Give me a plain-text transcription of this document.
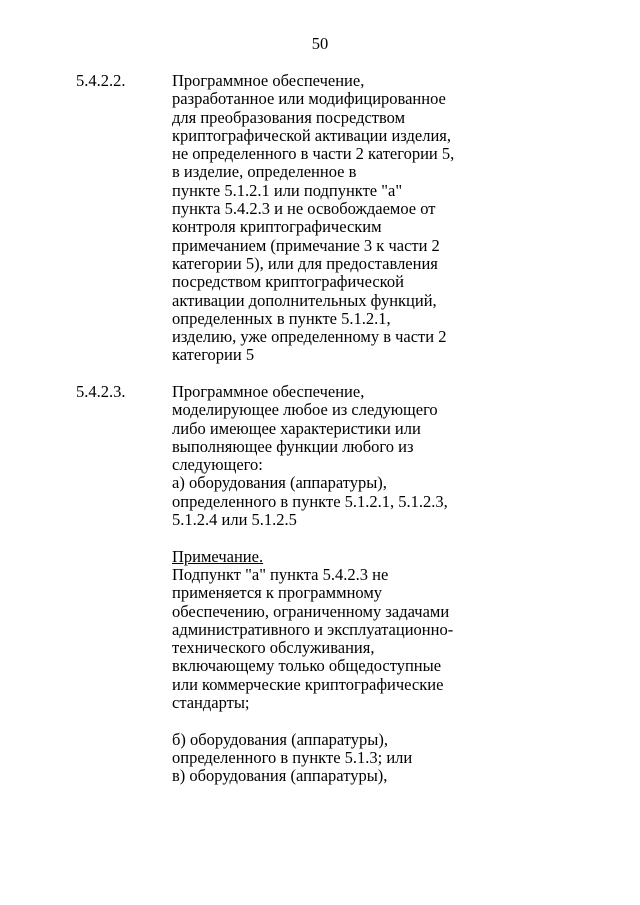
50
5.4.2.2.	Программное обеспечение,
разработанное или модифицированное
для преобразования посредством
криптографической активации изделия,
не определенного в части 2 категории 5,
в изделие, определенное в
пункте 5.1.2.1 или подпункте "а"
пункта 5.4.2.3 и не освобождаемое от
контроля криптографическим
примечанием (примечание 3 к части 2
категории 5), или для предоставления
посредством криптографической
активации дополнительных функций,
определенных в пункте 5.1.2.1,
изделию, уже определенному в части 2
категории 5
5.4.2.3.	Программное обеспечение,
моделирующее любое из следующего
либо имеющее характеристики или
выполняющее функции любого из
следующего:
а) оборудования (аппаратуры),
определенного в пункте 5.1.2.1, 5.1.2.3,
5.1.2.4 или 5.1.2.5
Примечание.
Подпункт "а" пункта 5.4.2.3 не
применяется к программному
обеспечению, ограниченному задачами
административного и эксплуатационно-
технического обслуживания,
включающему только общедоступные
или коммерческие криптографические
стандарты;
б) оборудования (аппаратуры),
определенного в пункте 5.1.3; или
в) оборудования (аппаратуры),
